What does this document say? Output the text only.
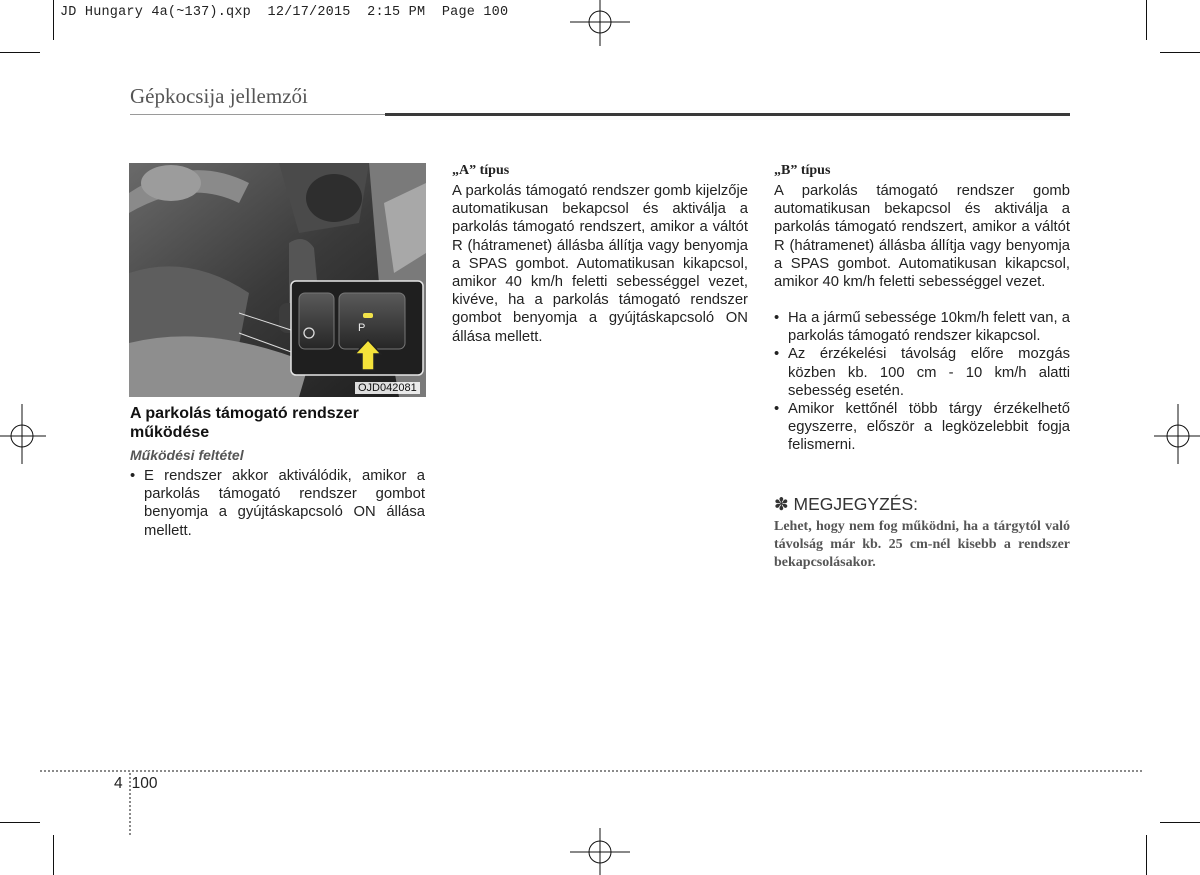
JD Hungary 4a(~137).qxp  12/17/2015  2:15 PM  Page 100
Gépkocsija jellemzői
P
OJD042081
A parkolás támogató rendszer működése
Működési feltétel
• E rendszer akkor aktiválódik, amikor a parkolás támogató rendszer gombot benyomja a gyújtáskapcsoló ON állása mellett.
„A” típus
A parkolás támogató rendszer gomb kijelzője automatikusan bekapcsol és aktiválja a parkolás támogató rendszert, amikor a váltót R (hátramenet) állásba állítja vagy benyomja a SPAS gombot. Automatikusan kikapcsol, amikor 40 km/h feletti sebességgel vezet, kivéve, ha a parkolás támogató rendszer gombot benyomja a gyújtáskapcsoló ON állása mellett.
„B” típus
A parkolás támogató rendszer gomb automatikusan bekapcsol és aktiválja a parkolás támogató rendszert, amikor a váltót R (hátramenet) állásba állítja vagy benyomja a SPAS gombot. Automatikusan kikapcsol, amikor 40 km/h feletti sebességgel vezet.
• Ha a jármű sebessége 10km/h felett van, a parkolás támogató rendszer kikapcsol.
• Az érzékelési távolság előre mozgás közben kb. 100 cm - 10 km/h alatti sebesség esetén.
• Amikor kettőnél több tárgy érzékelhető egyszerre, először a legközelebbit fogja felismerni.
✽ MEGJEGYZÉS:
Lehet, hogy nem fog működni, ha a tárgytól való távolság már kb. 25 cm-nél kisebb a rendszer bekapcsolásakor.
4 100
